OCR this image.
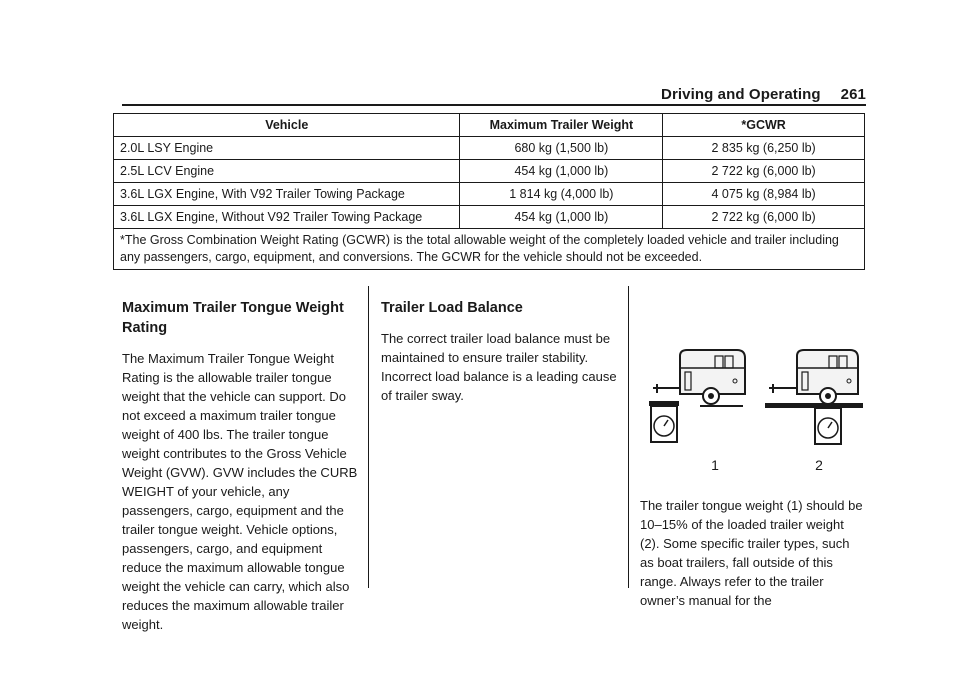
Driving and Operating 261
Vehicle	Maximum Trailer Weight	*GCWR
2.0L LSY Engine	680 kg (1,500 lb)	2 835 kg (6,250 lb)
2.5L LCV Engine	454 kg (1,000 lb)	2 722 kg (6,000 lb)
3.6L LGX Engine, With V92 Trailer Towing Package	1 814 kg (4,000 lb)	4 075 kg (8,984 lb)
3.6L LGX Engine, Without V92 Trailer Towing Package	454 kg (1,000 lb)	2 722 kg (6,000 lb)
*The Gross Combination Weight Rating (GCWR) is the total allowable weight of the completely loaded vehicle and trailer including any passengers, cargo, equipment, and conversions. The GCWR for the vehicle should not be exceeded.		
Maximum Trailer Tongue Weight Rating

The Maximum Trailer Tongue Weight Rating is the allowable trailer tongue weight that the vehicle can support. Do not exceed a maximum trailer tongue weight of 400 lbs. The trailer tongue weight contributes to the Gross Vehicle Weight (GVW). GVW includes the CURB WEIGHT of your vehicle, any passengers, cargo, equipment and the trailer tongue weight. Vehicle options, passengers, cargo, and equipment reduce the maximum allowable tongue weight the vehicle can carry, which also reduces the maximum allowable trailer weight.

Trailer Load Balance

The correct trailer load balance must be maintained to ensure trailer stability. Incorrect load balance is a leading cause of trailer sway.

1	2

The trailer tongue weight (1) should be 10–15% of the loaded trailer weight (2). Some specific trailer types, such as boat trailers, fall outside of this range. Always refer to the trailer owner’s manual for the
